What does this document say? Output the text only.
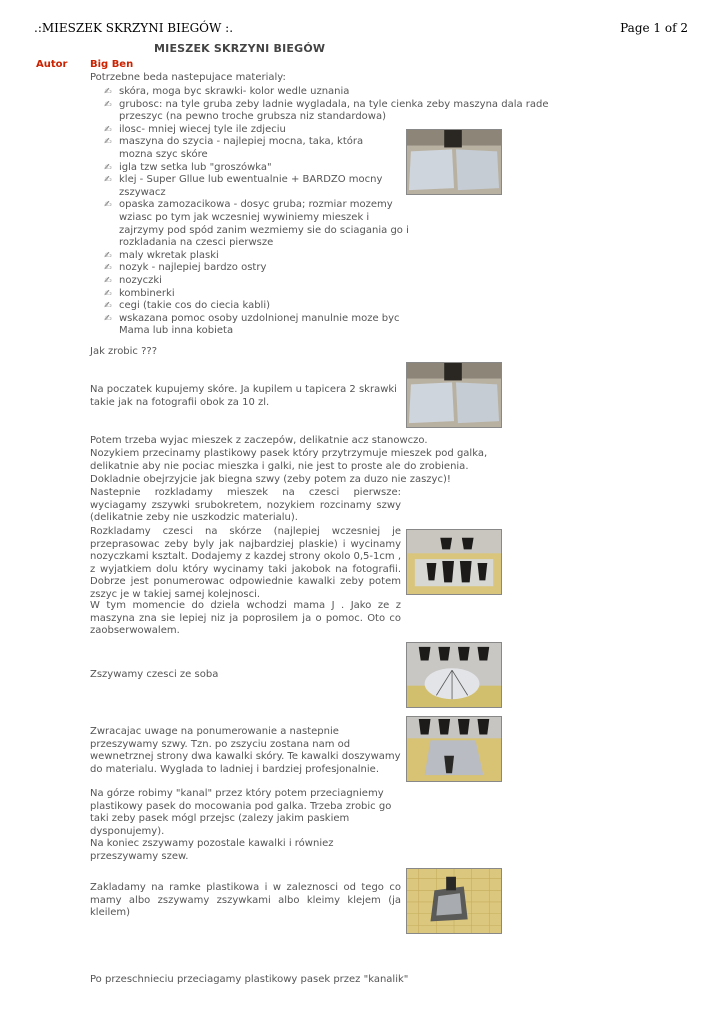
.:MIESZEK SKRZYNI BIEGÓW :.	Page 1 of 2
MIESZEK SKRZYNI BIEGÓW
Autor Big Ben
Potrzebne beda nastepujace materialy:
✍ skóra, moga byc skrawki- kolor wedle uznania
✍ grubosc: na tyle gruba zeby ladnie wygladala, na tyle cienka zeby maszyna dala rade przeszyc (na pewno troche grubsza niz standardowa)
✍ ilosc- mniej wiecej tyle ile zdjeciu
✍ maszyna do szycia - najlepiej mocna, taka, która mozna szyc skóre
✍ igla tzw setka lub "groszówka"
✍ klej - Super Gllue lub ewentualnie + BARDZO mocny zszywacz
✍ opaska zamozacikowa - dosyc gruba; rozmiar mozemy wziasc po tym jak wczesniej wywiniemy mieszek i zajrzymy pod spód zanim wezmiemy sie do sciagania go i rozkladania na czesci pierwsze
✍ maly wkretak plaski
✍ nozyk - najlepiej bardzo ostry
✍ nozyczki
✍ kombinerki
✍ cegi (takie cos do ciecia kabli)
✍ wskazana pomoc osoby uzdolnionej manulnie moze byc Mama lub inna kobieta
Jak zrobic ???
Na poczatek kupujemy skóre. Ja kupilem u tapicera 2 skrawki takie jak na fotografii obok za 10 zl.
Potem trzeba wyjac mieszek z zaczepów, delikatnie acz stanowczo.
Nozykiem przecinamy plastikowy pasek który przytrzymuje mieszek pod galka, delikatnie aby nie pociac mieszka i galki, nie jest to proste ale do zrobienia.
Dokladnie obejrzyjcie jak biegna szwy (zeby potem za duzo nie zaszyc)!
Nastepnie rozkladamy mieszek na czesci pierwsze: wyciagamy zszywki srubokretem, nozykiem rozcinamy szwy (delikatnie zeby nie uszkodzic materialu).
Rozkladamy czesci na skórze (najlepiej wczesniej je przeprasowac zeby byly jak najbardziej plaskie) i wycinamy nozyczkami ksztalt. Dodajemy z kazdej strony okolo 0,5-1cm , z wyjatkiem dolu który wycinamy taki jakobok na fotografii. Dobrze jest ponumerowac odpowiednie kawalki zeby potem zszyc je w takiej samej kolejnosci.
W tym momencie do dziela wchodzi mama J . Jako ze z maszyna zna sie lepiej niz ja poprosilem ja o pomoc. Oto co zaobserwowalem.
Zszywamy czesci ze soba
Zwracajac uwage na ponumerowanie a nastepnie przeszywamy szwy. Tzn. po zszyciu zostana nam od wewnetrznej strony dwa kawalki skóry. Te kawalki doszywamy do materialu. Wyglada to ladniej i bardziej profesjonalnie.
Na górze robimy "kanal" przez który potem przeciagniemy plastikowy pasek do mocowania pod galka. Trzeba zrobic go taki zeby pasek mógl przejsc (zalezy jakim paskiem dysponujemy).
Na koniec zszywamy pozostale kawalki i równiez przeszywamy szew.
Zakladamy na ramke plastikowa i w zaleznosci od tego co mamy albo zszywamy zszywkami albo kleimy klejem (ja kleilem)
Po przeschnieciu przeciagamy plastikowy pasek przez "kanalik"
